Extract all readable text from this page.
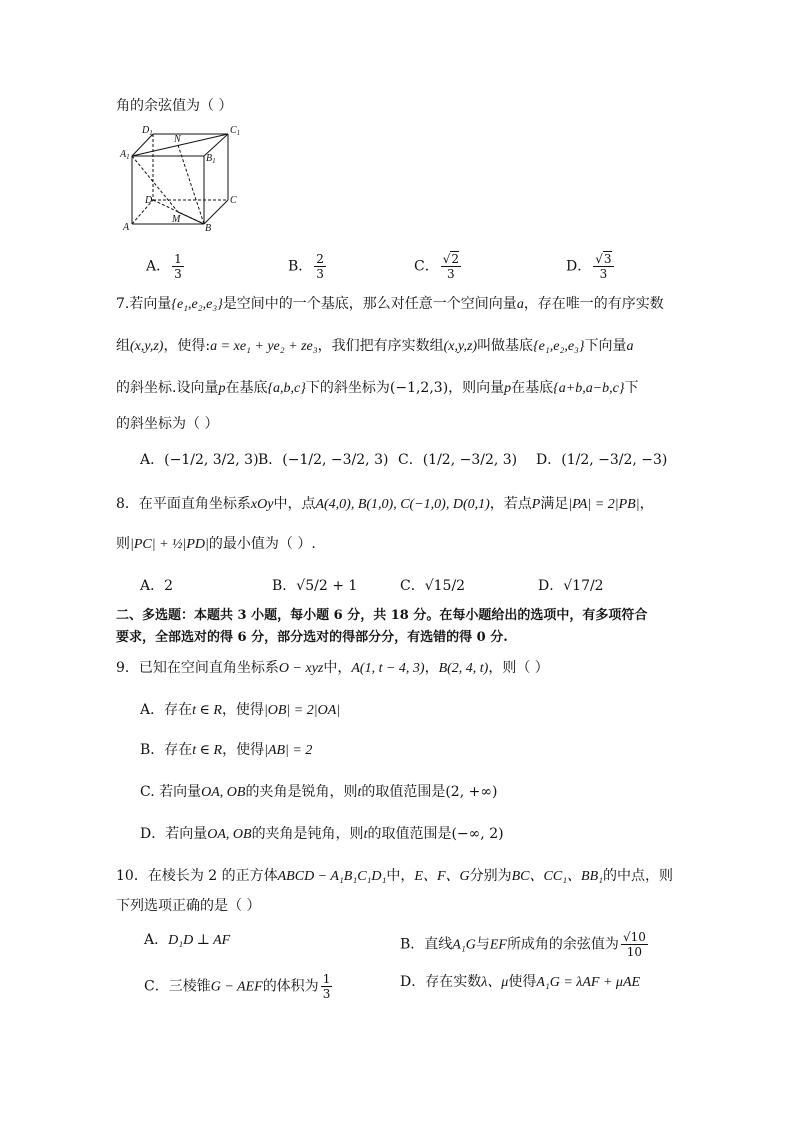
角的余弦值为（ ）
$D_1$	$C_1$
$A_1$	$B_1$
N
D	C
M
A	B
A． $\frac{1}{3}$	B． $\frac{2}{3}$	C． $\frac{√2}{3}$	D． $\frac{√3}{3}$
7.若向量{e₁,e₂,e₃}是空间中的一个基底，那么对任意一个空间向量a，存在唯一的有序实数
组(x,y,z)，使得:a = xe₁ + ye₂ + ze₃，我们把有序实数组(x,y,z)叫做基底{e₁,e₂,e₃}下向量a
的斜坐标.设向量p在基底{a,b,c}下的斜坐标为(−1,2,3)，则向量p在基底{a+b,a−b,c}下
的斜坐标为（ ）
A．(−1/2, 3/2, 3) B．(−1/2, −3/2, 3) C．(1/2, −3/2, 3) D．(1/2, −3/2, −3)
8．在平面直角坐标系xOy中，点A(4,0), B(1,0), C(−1,0), D(0,1)，若点P满足|PA| = 2|PB|，
则|PC| + ½|PD|的最小值为（ ）.
A．2	B．√5/2 + 1	C．√15/2	D．√17/2
二、多选题：本题共 3 小题，每小题 6 分，共 18 分。在每小题给出的选项中，有多项符合
要求，全部选对的得 6 分，部分选对的得部分分，有选错的得 0 分.
9．已知在空间直角坐标系O − xyz中，A(1, t − 4, 3)，B(2, 4, t)，则（ ）
A．存在t ∈ R，使得|OB| = 2|OA|
B．存在t ∈ R，使得|AB| = 2
C. 若向量OA, OB的夹角是锐角，则t的取值范围是(2, +∞)
D．若向量OA, OB的夹角是钝角，则t的取值范围是(−∞, 2)
10．在棱长为 2 的正方体ABCD − A₁B₁C₁D₁中，E、F、G分别为BC、CC₁、BB₁的中点，则
下列选项正确的是（ ）
A．D₁D ⊥ AF	B．直线A₁G与EF所成角的余弦值为 $\frac{√10}{10}$
C．三棱锥G − AEF的体积为 $\frac{1}{3}$	D．存在实数λ、μ使得A₁G = λAF + μAE
